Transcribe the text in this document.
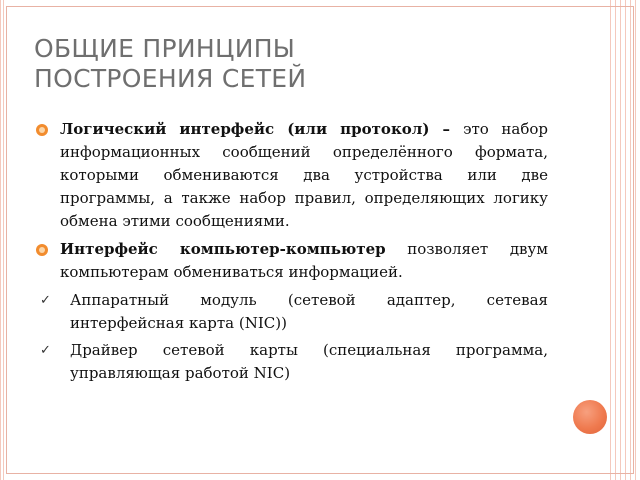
ОБЩИЕ ПРИНЦИПЫ
ПОСТРОЕНИЯ СЕТЕЙ
Логический интерфейс (или протокол) – это набор информационных сообщений определённого формата, которыми обмениваются два устройства или две программы, а также набор правил, определяющих логику обмена этими сообщениями.
Интерфейс компьютер-компьютер позволяет двум компьютерам обмениваться информацией.
✓ Аппаратный модуль (сетевой адаптер, сетевая интерфейсная карта (NIC))
✓ Драйвер сетевой карты (специальная программа, управляющая работой NIC)
